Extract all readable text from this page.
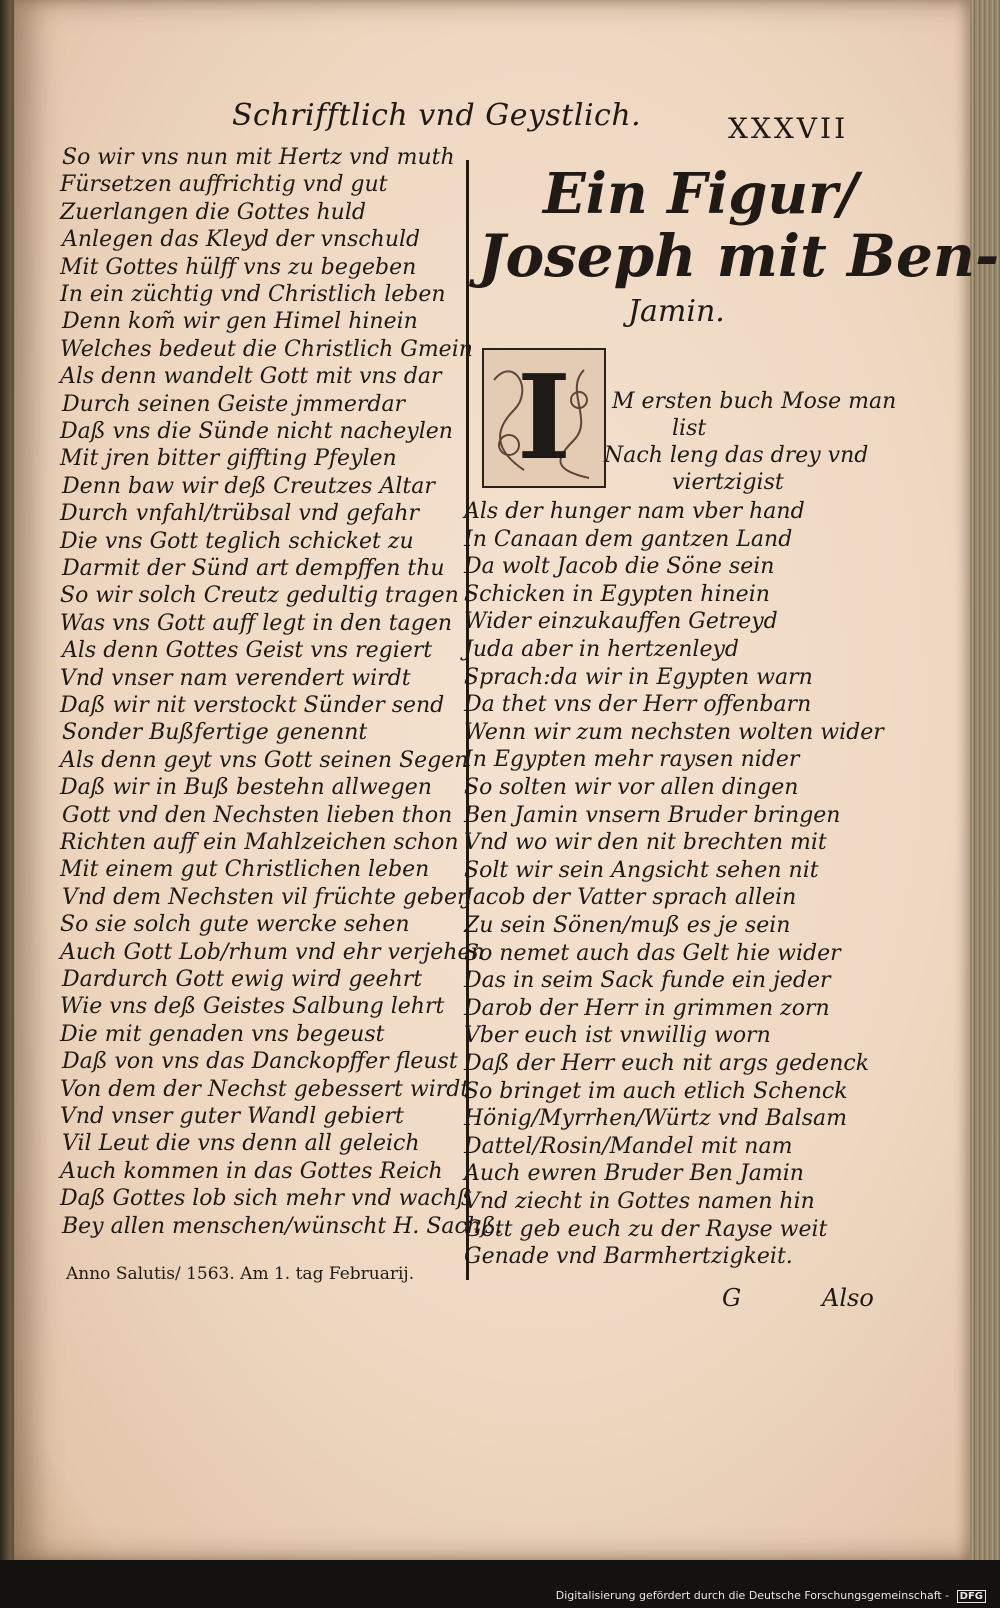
Schrifftlich vnd Geystlich.	XXXVII
So wir vns nun mit Hertz vnd muth
Fürsetzen auffrichtig vnd gut
Zuerlangen die Gottes huld
Anlegen das Kleyd der vnschuld
Mit Gottes hülff vns zu begeben
In ein züchtig vnd Christlich leben
Denn kom̃ wir gen Himel hinein
Welches bedeut die Christlich Gmein
Als denn wandelt Gott mit vns dar
Durch seinen Geiste jmmerdar
Daß vns die Sünde nicht nacheylen
Mit jren bitter giffting Pfeylen
Denn baw wir deß Creutzes Altar
Durch vnfahl/trübsal vnd gefahr
Die vns Gott teglich schicket zu
Darmit der Sünd art dempffen thu
So wir solch Creutz gedultig tragen
Was vns Gott auff legt in den tagen
Als denn Gottes Geist vns regiert
Vnd vnser nam verendert wirdt
Daß wir nit verstockt Sünder send
Sonder Bußfertige genennt
Als denn geyt vns Gott seinen Segen
Daß wir in Buß bestehn allwegen
Gott vnd den Nechsten lieben thon
Richten auff ein Mahlzeichen schon
Mit einem gut Christlichen leben
Vnd dem Nechsten vil früchte geben
So sie solch gute wercke sehen
Auch Gott Lob/rhum vnd ehr verjehen
Dardurch Gott ewig wird geehrt
Wie vns deß Geistes Salbung lehrt
Die mit genaden vns begeust
Daß von vns das Danckopffer fleust
Von dem der Nechst gebessert wirdt
Vnd vnser guter Wandl gebiert
Vil Leut die vns denn all geleich
Auch kommen in das Gottes Reich
Daß Gottes lob sich mehr vnd wachß
Bey allen menschen/wünscht H. Sachß.
Anno Salutis/ 1563. Am 1. tag Februarij.
Ein Figur/
Joseph mit Ben-
Jamin.
I	M ersten buch Mose man
list
Nach leng das drey vnd
viertzigist
Als der hunger nam vber hand
In Canaan dem gantzen Land
Da wolt Jacob die Söne sein
Schicken in Egypten hinein
Wider einzukauffen Getreyd
Juda aber in hertzenleyd
Sprach:da wir in Egypten warn
Da thet vns der Herr offenbarn
Wenn wir zum nechsten wolten wider
In Egypten mehr raysen nider
So solten wir vor allen dingen
Ben Jamin vnsern Bruder bringen
Vnd wo wir den nit brechten mit
Solt wir sein Angsicht sehen nit
Jacob der Vatter sprach allein
Zu sein Sönen/muß es je sein
So nemet auch das Gelt hie wider
Das in seim Sack funde ein jeder
Darob der Herr in grimmen zorn
Vber euch ist vnwillig worn
Daß der Herr euch nit args gedenck
So bringet im auch etlich Schenck
Hönig/Myrrhen/Würtz vnd Balsam
Dattel/Rosin/Mandel mit nam
Auch ewren Bruder Ben Jamin
Vnd ziecht in Gottes namen hin
Gott geb euch zu der Rayse weit
Genade vnd Barmhertzigkeit.
G	Also
Digitalisierung gefördert durch die Deutsche Forschungsgemeinschaft - DFG
